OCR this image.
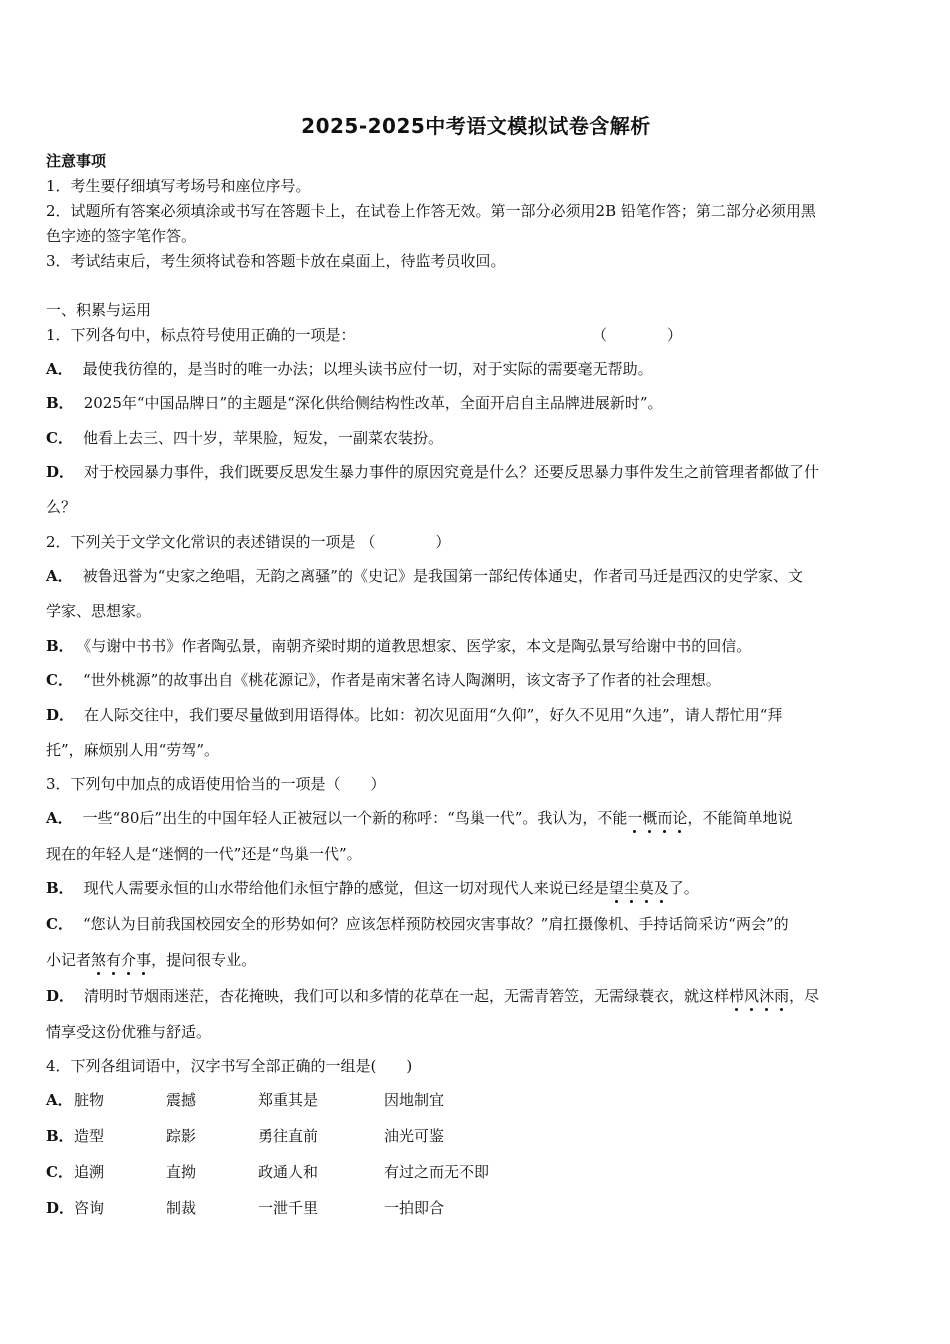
2025-2025中考语文模拟试卷含解析
注意事项
1．考生要仔细填写考场号和座位序号。
2．试题所有答案必须填涂或书写在答题卡上，在试卷上作答无效。第一部分必须用2B 铅笔作答；第二部分必须用黑
色字迹的签字笔作答。
3．考试结束后，考生须将试卷和答题卡放在桌面上，待监考员收回。
一、积累与运用
1．下列各句中，标点符号使用正确的一项是：	（　　　　）
A． 最使我彷徨的，是当时的唯一办法；以埋头读书应付一切，对于实际的需要毫无帮助。
B． 2025年“中国品牌日”的主题是“深化供给侧结构性改革，全面开启自主品牌进展新时”。
C． 他看上去三、四十岁，苹果脸，短发，一副菜农装扮。
D． 对于校园暴力事件，我们既要反思发生暴力事件的原因究竟是什么？还要反思暴力事件发生之前管理者都做了什
么？
2．下列关于文学文化常识的表述错误的一项是 （　　　　）
A． 被鲁迅誉为“史家之绝唱，无韵之离骚”的《史记》是我国第一部纪传体通史，作者司马迁是西汉的史学家、文
学家、思想家。
B． 《与谢中书书》作者陶弘景，南朝齐梁时期的道教思想家、医学家，本文是陶弘景写给谢中书的回信。
C． “世外桃源”的故事出自《桃花源记》，作者是南宋著名诗人陶渊明，该文寄予了作者的社会理想。
D． 在人际交往中，我们要尽量做到用语得体。比如：初次见面用“久仰”，好久不见用“久违”，请人帮忙用“拜
托”，麻烦别人用“劳驾”。
3．下列句中加点的成语使用恰当的一项是（　　）
A． 一些“80后”出生的中国年轻人正被冠以一个新的称呼：“鸟巢一代”。我认为，不能一概而论，不能简单地说
现在的年轻人是“迷惘的一代”还是“鸟巢一代”。
B． 现代人需要永恒的山水带给他们永恒宁静的感觉，但这一切对现代人来说已经是望尘莫及了。
C． “您认为目前我国校园安全的形势如何？应该怎样预防校园灾害事故？”肩扛摄像机、手持话筒采访“两会”的
小记者煞有介事，提问很专业。
D． 清明时节烟雨迷茫，杏花掩映，我们可以和多情的花草在一起，无需青箬笠，无需绿蓑衣，就这样栉风沐雨，尽
情享受这份优雅与舒适。
4．下列各组词语中，汉字书写全部正确的一组是(　　)
A． 脏物	震撼	郑重其是	因地制宜
B． 造型	踪影	勇往直前	油光可鉴
C． 追溯	直拗	政通人和	有过之而无不即
D． 咨询	制裁	一泄千里	一拍即合
